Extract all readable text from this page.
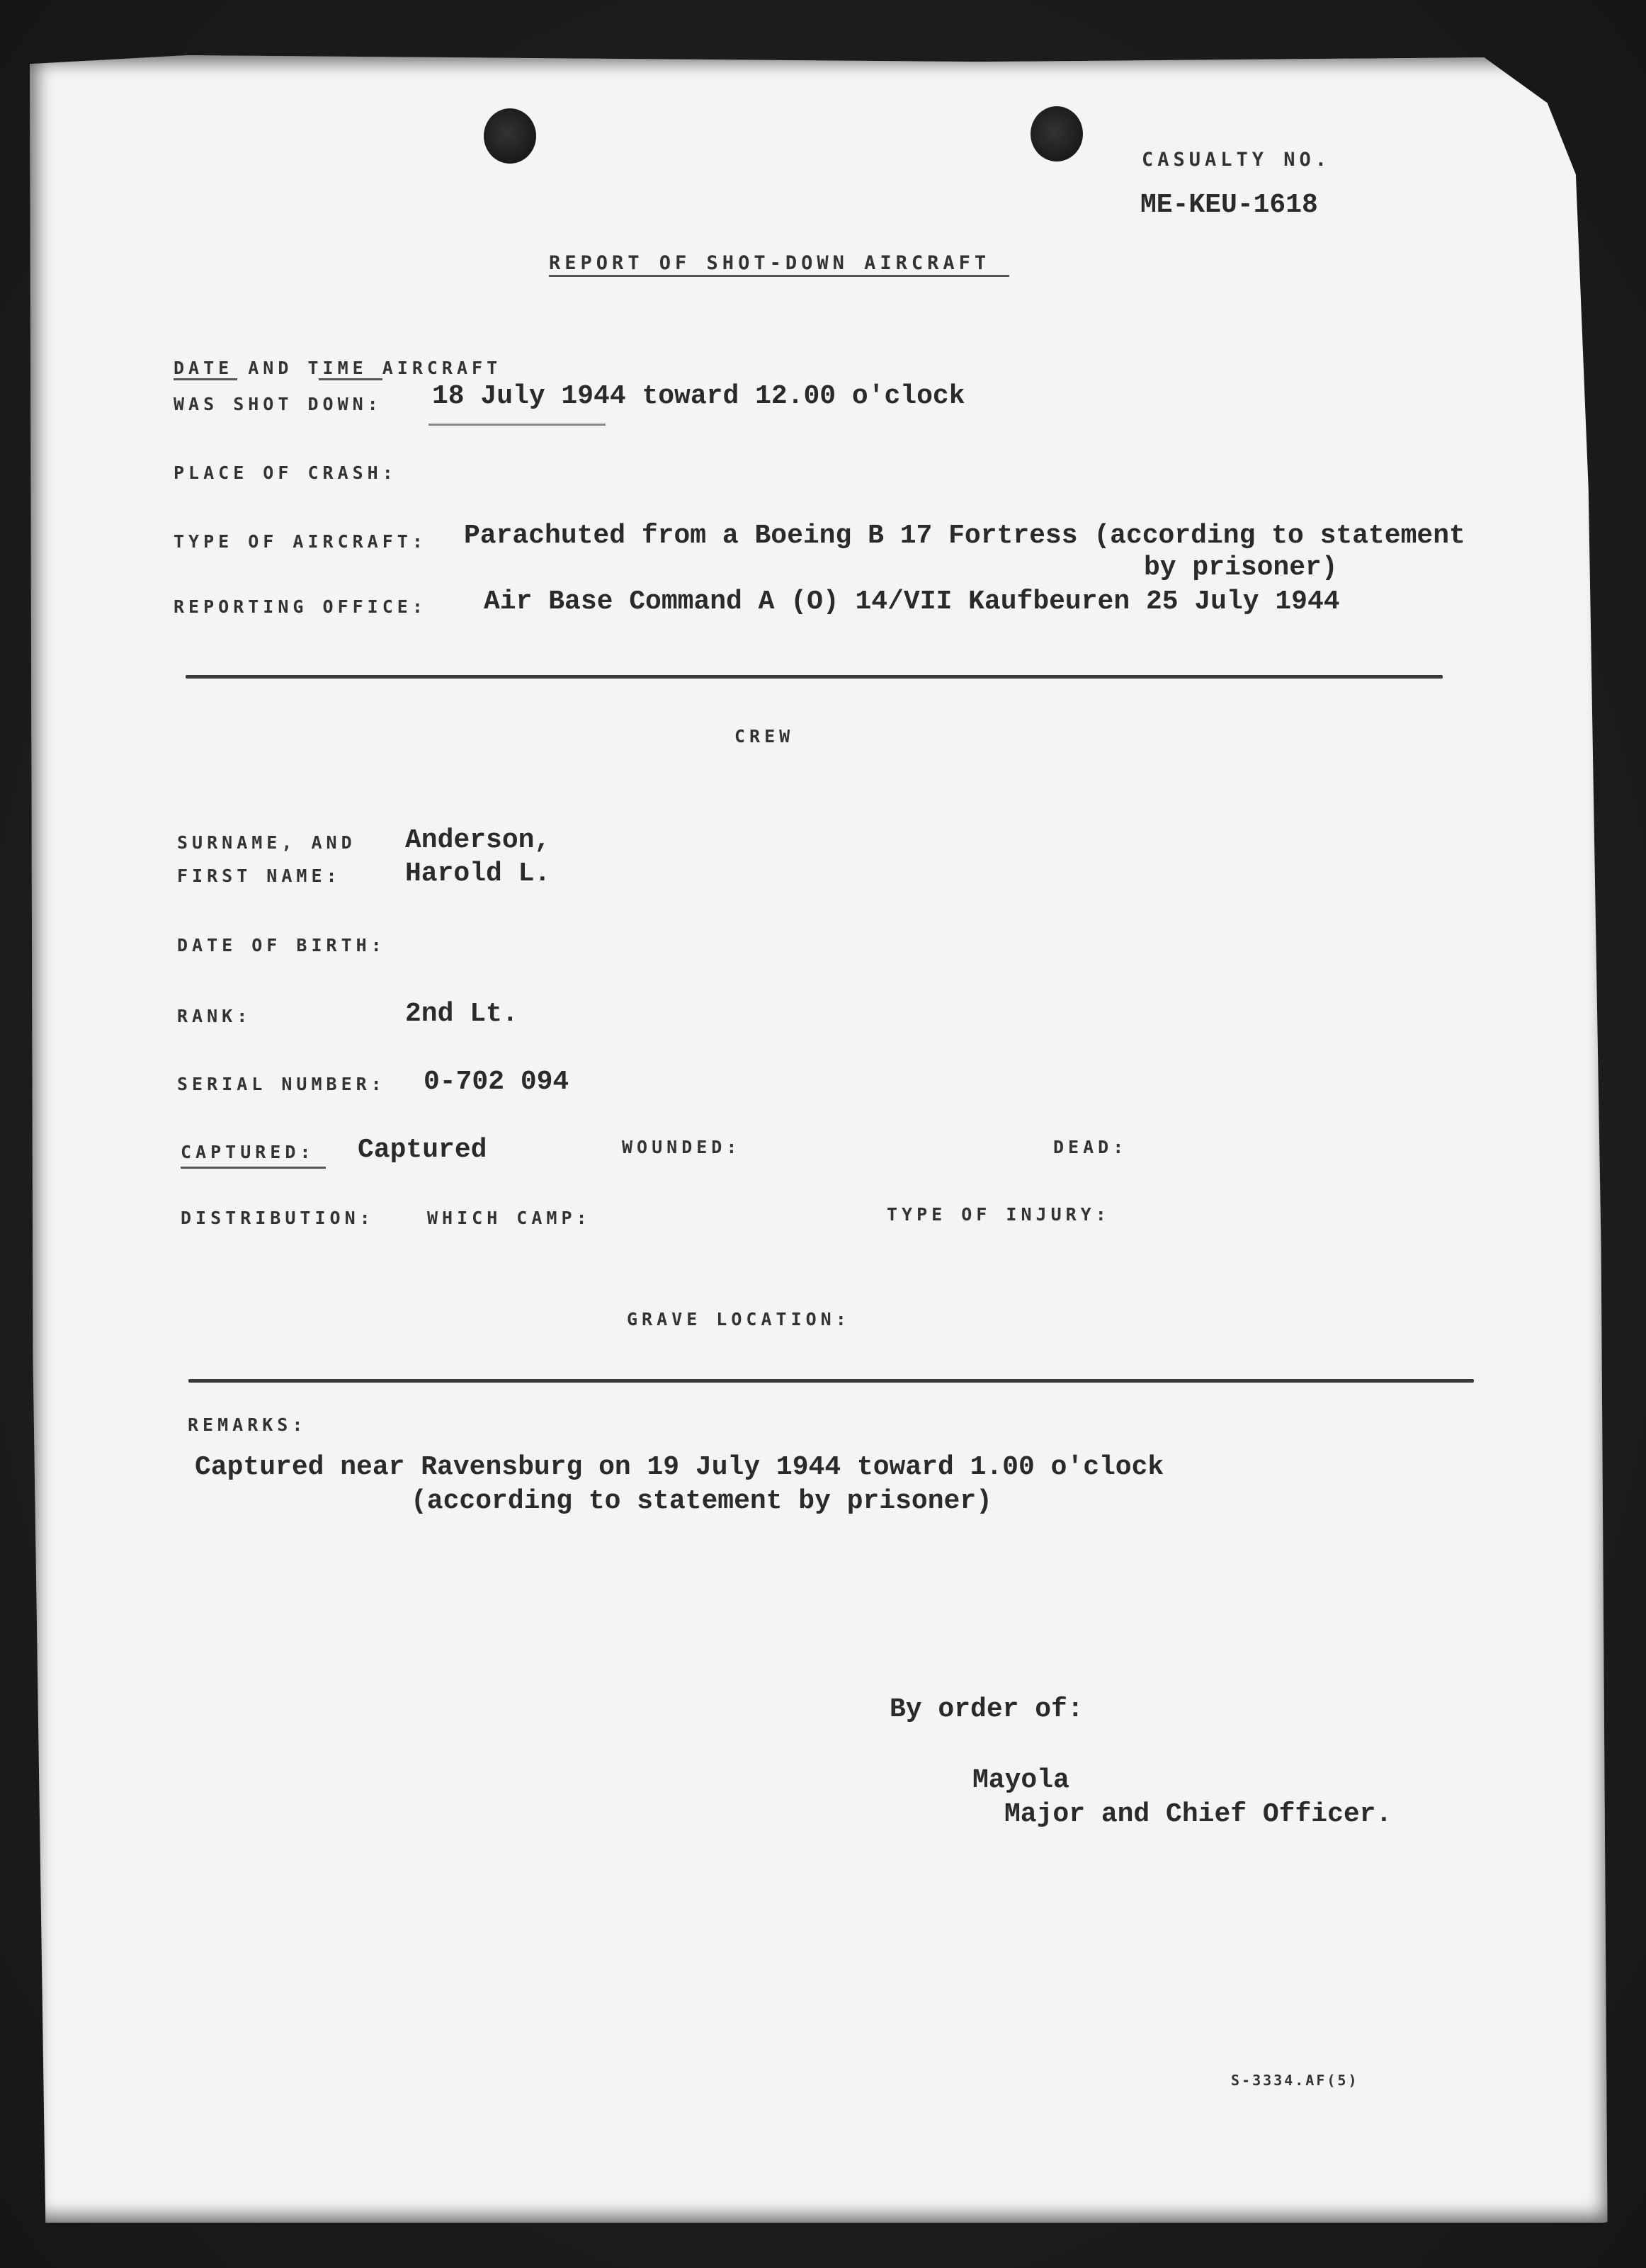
CASUALTY NO.
ME-KEU-1618
REPORT OF SHOT-DOWN AIRCRAFT
DATE AND TIME AIRCRAFT
WAS SHOT DOWN: 18 July 1944 toward 12.00 o'clock
PLACE OF CRASH:
TYPE OF AIRCRAFT: Parachuted from a Boeing B 17 Fortress (according to statement
by prisoner)
REPORTING OFFICE: Air Base Command A (O) 14/VII Kaufbeuren 25 July 1944
CREW
SURNAME, AND Anderson,
FIRST NAME: Harold L.
DATE OF BIRTH:
RANK:	2nd Lt.
SERIAL NUMBER: 0-702 094
CAPTURED: Captured	WOUNDED:	DEAD:
DISTRIBUTION:	WHICH CAMP:	TYPE OF INJURY:
GRAVE LOCATION:
REMARKS:
Captured near Ravensburg on 19 July 1944 toward 1.00 o'clock
(according to statement by prisoner)
By order of:
Mayola
Major and Chief Officer.
S-3334.AF(5)
